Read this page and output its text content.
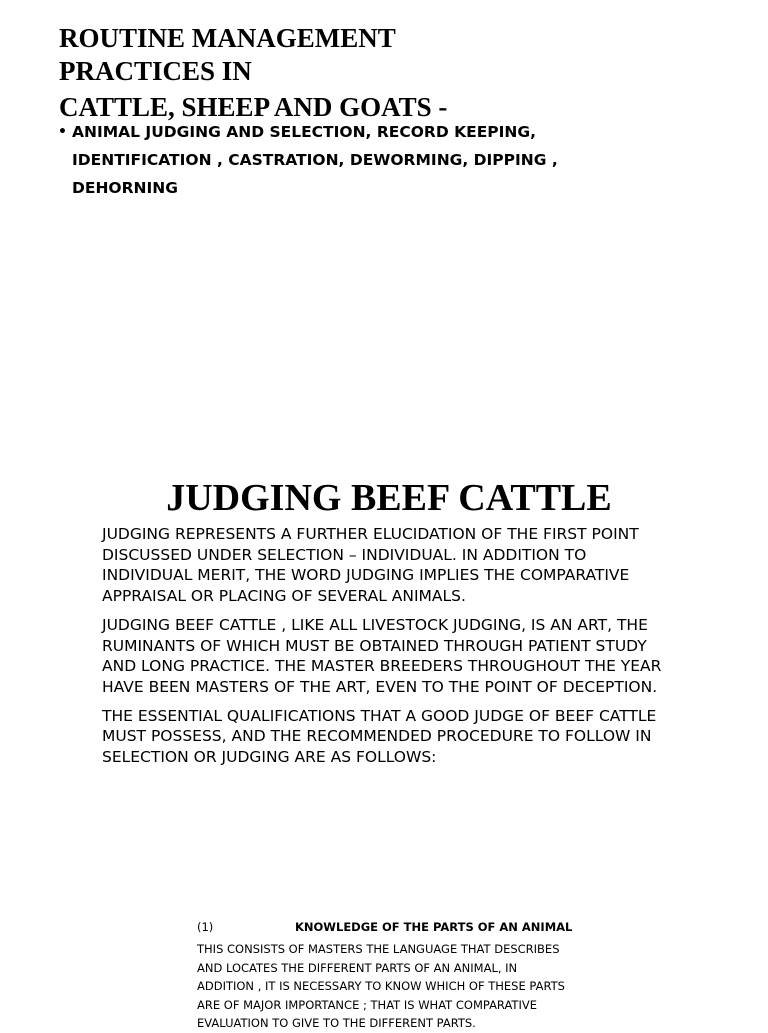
ROUTINE MANAGEMENT
PRACTICES IN
CATTLE, SHEEP AND GOATS -
• ANIMAL JUDGING AND SELECTION, RECORD KEEPING, IDENTIFICATION , CASTRATION, DEWORMING, DIPPING , DEHORNING
JUDGING BEEF CATTLE

JUDGING REPRESENTS A FURTHER ELUCIDATION OF THE FIRST POINT DISCUSSED UNDER SELECTION – INDIVIDUAL. IN ADDITION TO INDIVIDUAL MERIT, THE WORD JUDGING IMPLIES THE COMPARATIVE APPRAISAL OR PLACING OF SEVERAL ANIMALS.

JUDGING BEEF CATTLE , LIKE ALL LIVESTOCK JUDGING, IS AN ART, THE RUMINANTS OF WHICH MUST BE OBTAINED THROUGH PATIENT STUDY AND LONG PRACTICE. THE MASTER BREEDERS THROUGHOUT THE YEAR HAVE BEEN MASTERS OF THE ART, EVEN TO THE POINT OF DECEPTION.

THE ESSENTIAL QUALIFICATIONS THAT A GOOD JUDGE OF BEEF CATTLE MUST POSSESS, AND THE RECOMMENDED PROCEDURE TO FOLLOW IN SELECTION OR JUDGING ARE AS FOLLOWS:

(1)	KNOWLEDGE OF THE PARTS OF AN ANIMAL

THIS CONSISTS OF MASTERS THE LANGUAGE THAT DESCRIBES AND LOCATES THE DIFFERENT PARTS OF AN ANIMAL, IN ADDITION , IT IS NECESSARY TO KNOW WHICH OF THESE PARTS ARE OF MAJOR IMPORTANCE ; THAT IS WHAT COMPARATIVE EVALUATION TO GIVE TO THE DIFFERENT PARTS.
